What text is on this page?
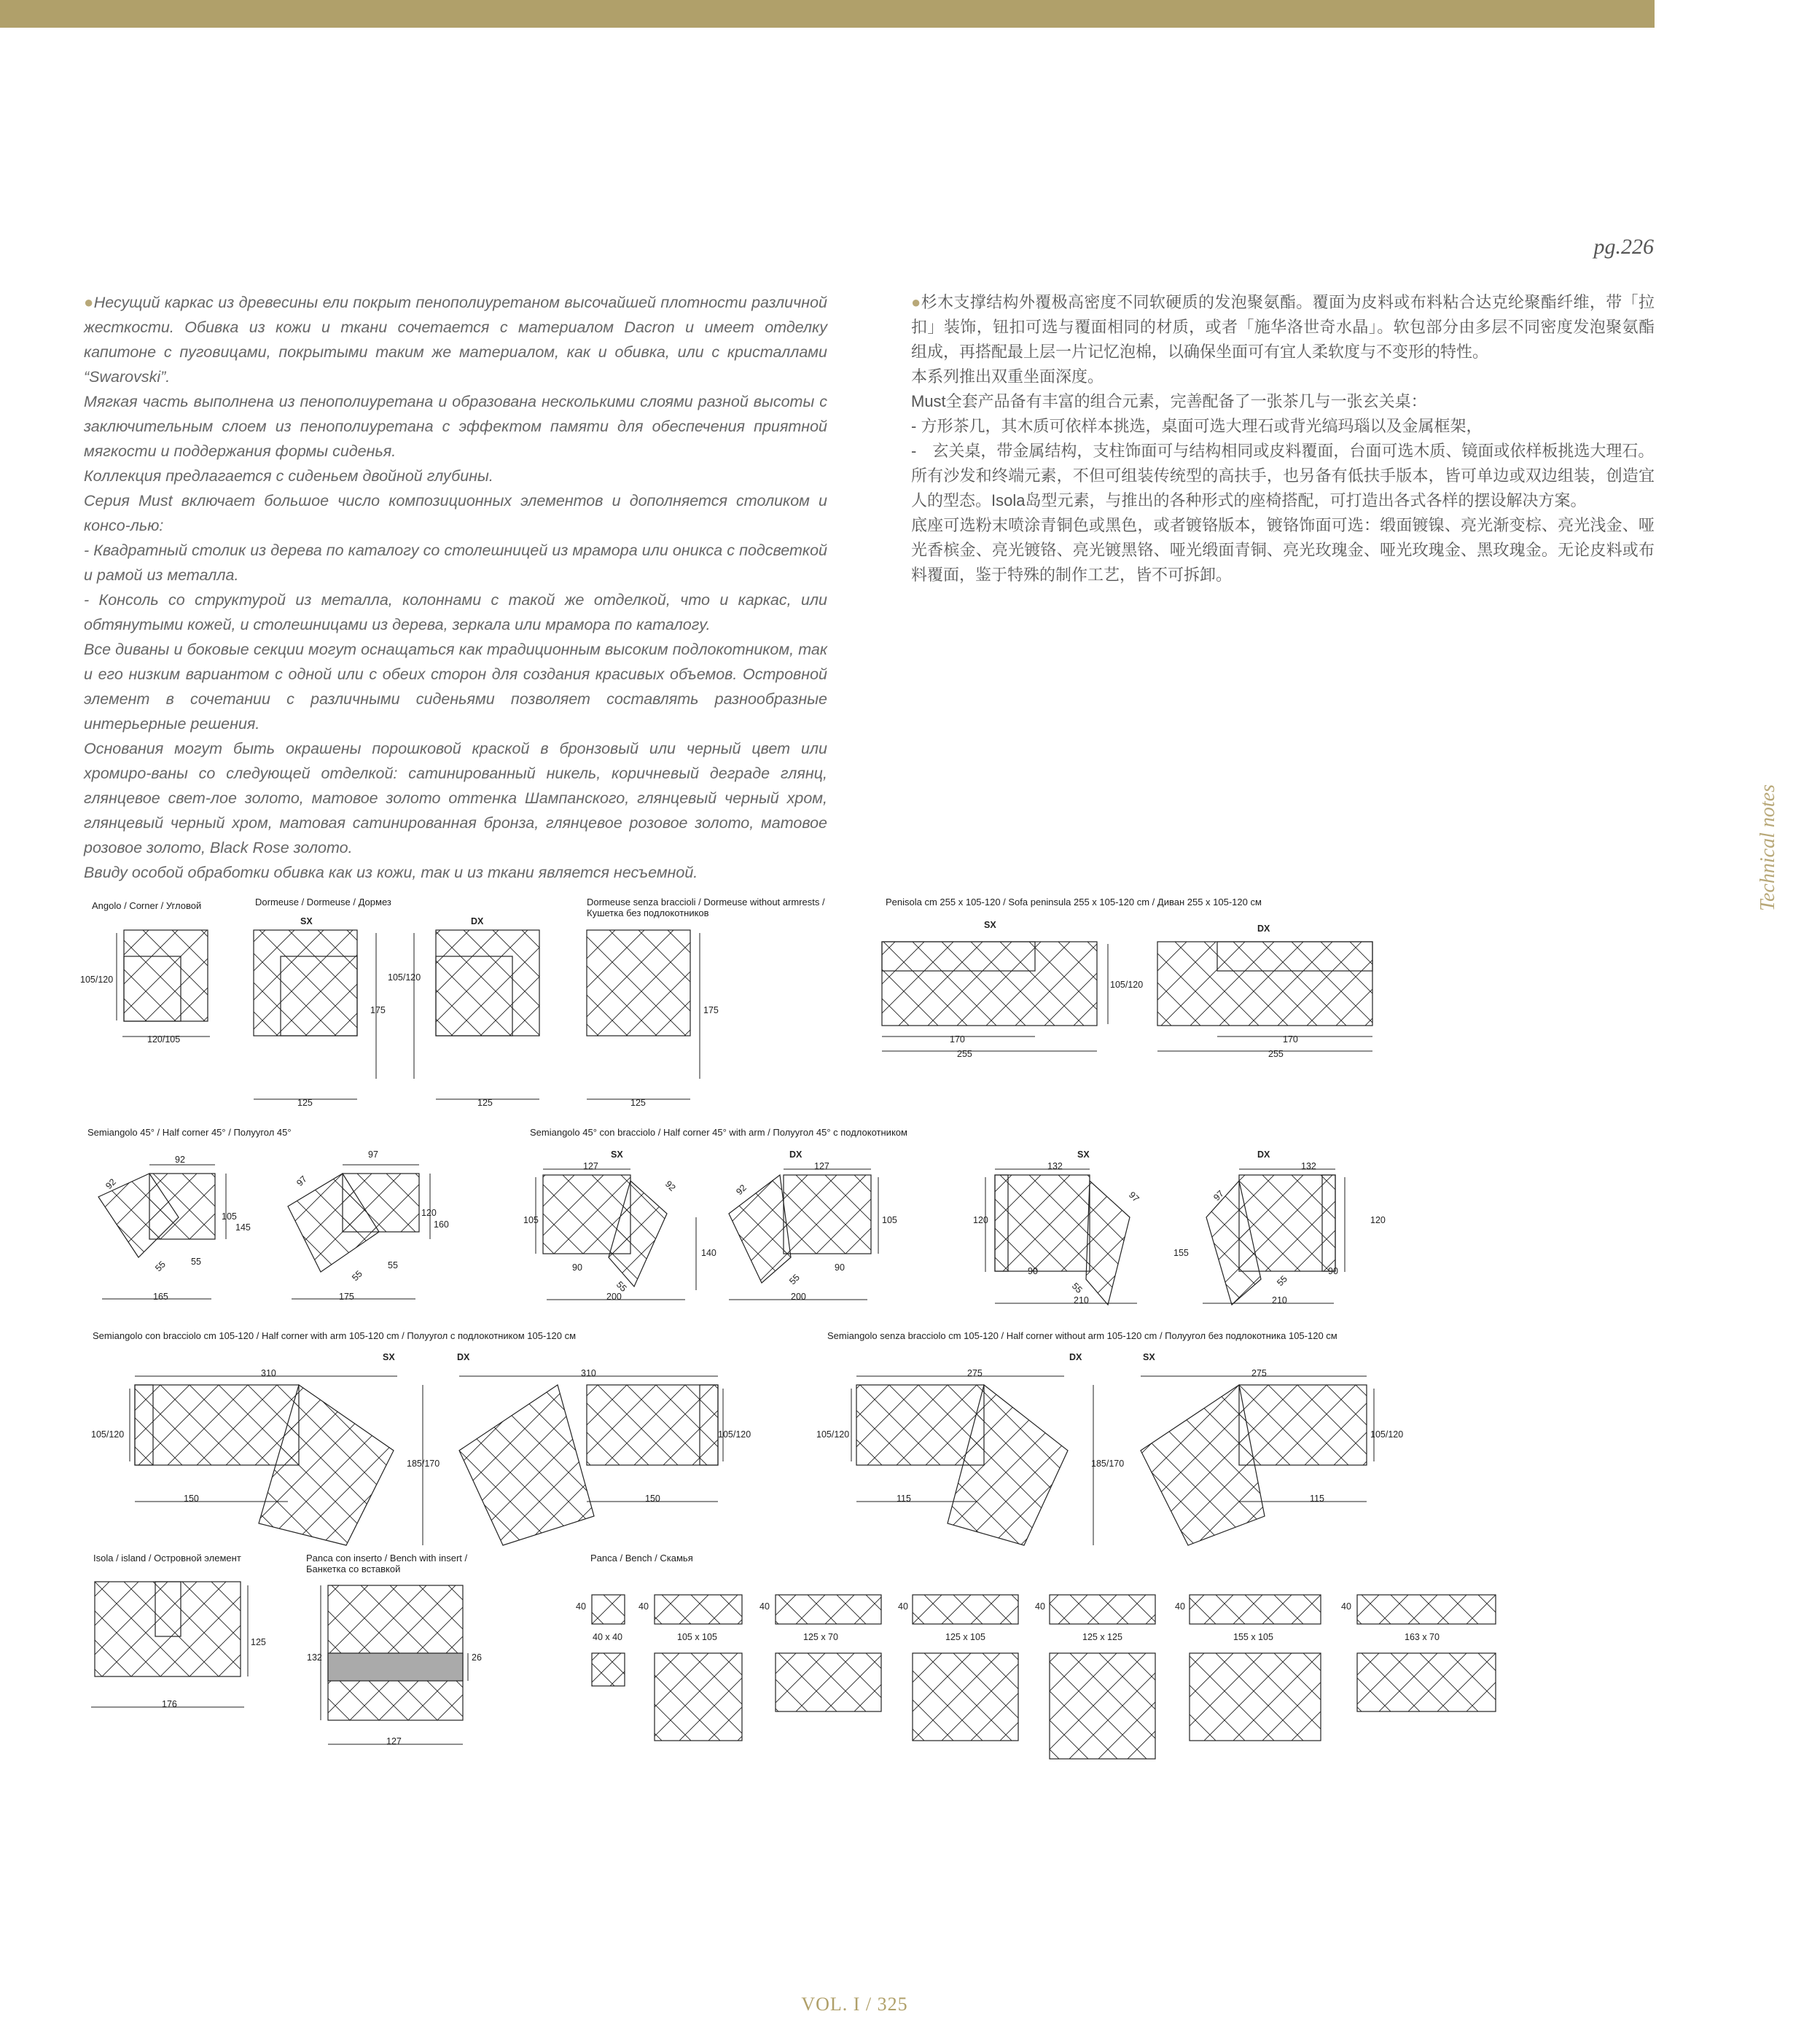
pg.226
Technical notes

●Несущий каркас из древесины ели покрыт пенополиуретаном высочайшей плотности различной жесткости. Обивка из кожи и ткани сочетается с материалом Dacron и имеет отделку капитоне с пуговицами, покрытыми таким же материалом, как и обивка, или с кристаллами “Swarovski”.

Мягкая часть выполнена из пенополиуретана и образована несколькими слоями разной высоты с заключительным слоем из пенополиуретана с эффектом памяти для обеспечения приятной мягкости и поддержания формы сиденья.

Коллекция предлагается с сиденьем двойной глубины.

Серия Must включает большое число композиционных элементов и дополняется столиком и консо-лью:

- Квадратный столик из дерева по каталогу со столешницей из мрамора или оникса с подсветкой и рамой из металла.

- Консоль со структурой из металла, колоннами с такой же отделкой, что и каркас, или обтянутыми кожей, и столешницами из дерева, зеркала или мрамора по каталогу.

Все диваны и боковые секции могут оснащаться как традиционным высоким подлокотником, так и его низким вариантом с одной или с обеих сторон для создания красивых объемов. Островной элемент в сочетании с различными сиденьями позволяет составлять разнообразные интерьерные решения.

Основания могут быть окрашены порошковой краской в бронзовый или черный цвет или хромиро-ваны со следующей отделкой: сатинированный никель, коричневый деграде глянц, глянцевое свет-лое золото, матовое золото оттенка Шампанского, глянцевый черный хром, глянцевый черный хром, матовая сатинированная бронза, глянцевое розовое золото, матовое розовое золото, Black Rose золото.

Ввиду особой обработки обивка как из кожи, так и из ткани является несъемной.

●杉木支撑结构外覆极高密度不同软硬质的发泡聚氨酯。覆面为皮料或布料粘合达克纶聚酯纤维，带「拉扣」装饰，钮扣可选与覆面相同的材质，或者「施华洛世奇水晶」。软包部分由多层不同密度发泡聚氨酯组成，再搭配最上层一片记忆泡棉，以确保坐面可有宜人柔软度与不变形的特性。

本系列推出双重坐面深度。

Must全套产品备有丰富的组合元素，完善配备了一张茶几与一张玄关桌：

- 方形茶几，其木质可依样本挑选，桌面可选大理石或背光缟玛瑙以及金属框架，

-　玄关桌，带金属结构，支柱饰面可与结构相同或皮料覆面，台面可选木质、镜面或依样板挑选大理石。

所有沙发和终端元素，不但可组装传统型的高扶手，也另备有低扶手版本，皆可单边或双边组装，创造宜人的型态。Isola岛型元素，与推出的各种形式的座椅搭配，可打造出各式各样的摆设解决方案。

底座可选粉末喷涂青铜色或黑色，或者镀铬版本，镀铬饰面可选：缎面镀镍、亮光渐变棕、亮光浅金、哑光香槟金、亮光镀铬、亮光镀黑铬、哑光缎面青铜、亮光玫瑰金、哑光玫瑰金、黑玫瑰金。无论皮料或布料覆面，鉴于特殊的制作工艺，皆不可拆卸。

Angolo / Corner / Угловой
105/120
120/105
Dormeuse / Dormeuse / Дормез
SX	DX
175
105/120
125	125
Dormeuse senza braccioli / Dormeuse without armrests /
Кушетка без подлокотников
175
125
Penisola cm 255 x 105-120 / Sofa peninsula 255 x 105-120 cm / Диван 255 x 105-120 см
SX	DX
105/120
170
255
170
255
Semiangolo 45° / Half corner 45° / Полуугол 45°
92
92
105
145
55
55
165
97
97
120
160
55
55
175
Semiangolo 45° con bracciolo / Half corner 45° with arm / Полуугол 45° с подлокотником
SX	DX
127
92
105
140
90
55
200
127
92
105
90
55
200
SX	DX
132
97
120
155
90
55
210
132
97
120
90
55
210
Semiangolo con bracciolo cm 105-120 / Half corner with arm 105-120 cm / Полуугол с подлокотником 105-120 см
SX	DX
310	310
105/120	105/120
185/170
150	150
Semiangolo senza bracciolo cm 105-120 / Half corner without arm 105-120 cm / Полуугол без подлокотника 105-120 см
DX	SX
275	275
105/120	105/120
185/170
115	115
Isola / island / Островной элемент
125
176
Panca con inserto / Bench with insert /
Банкетка со вставкой
132	26
127
Panca / Bench / Скамья
40	40	40	40	40	40	40
40 x 40	105 x 105	125 x 70	125 x 105	125 x 125	155 x 105	163 x 70
VOL. I / 325
